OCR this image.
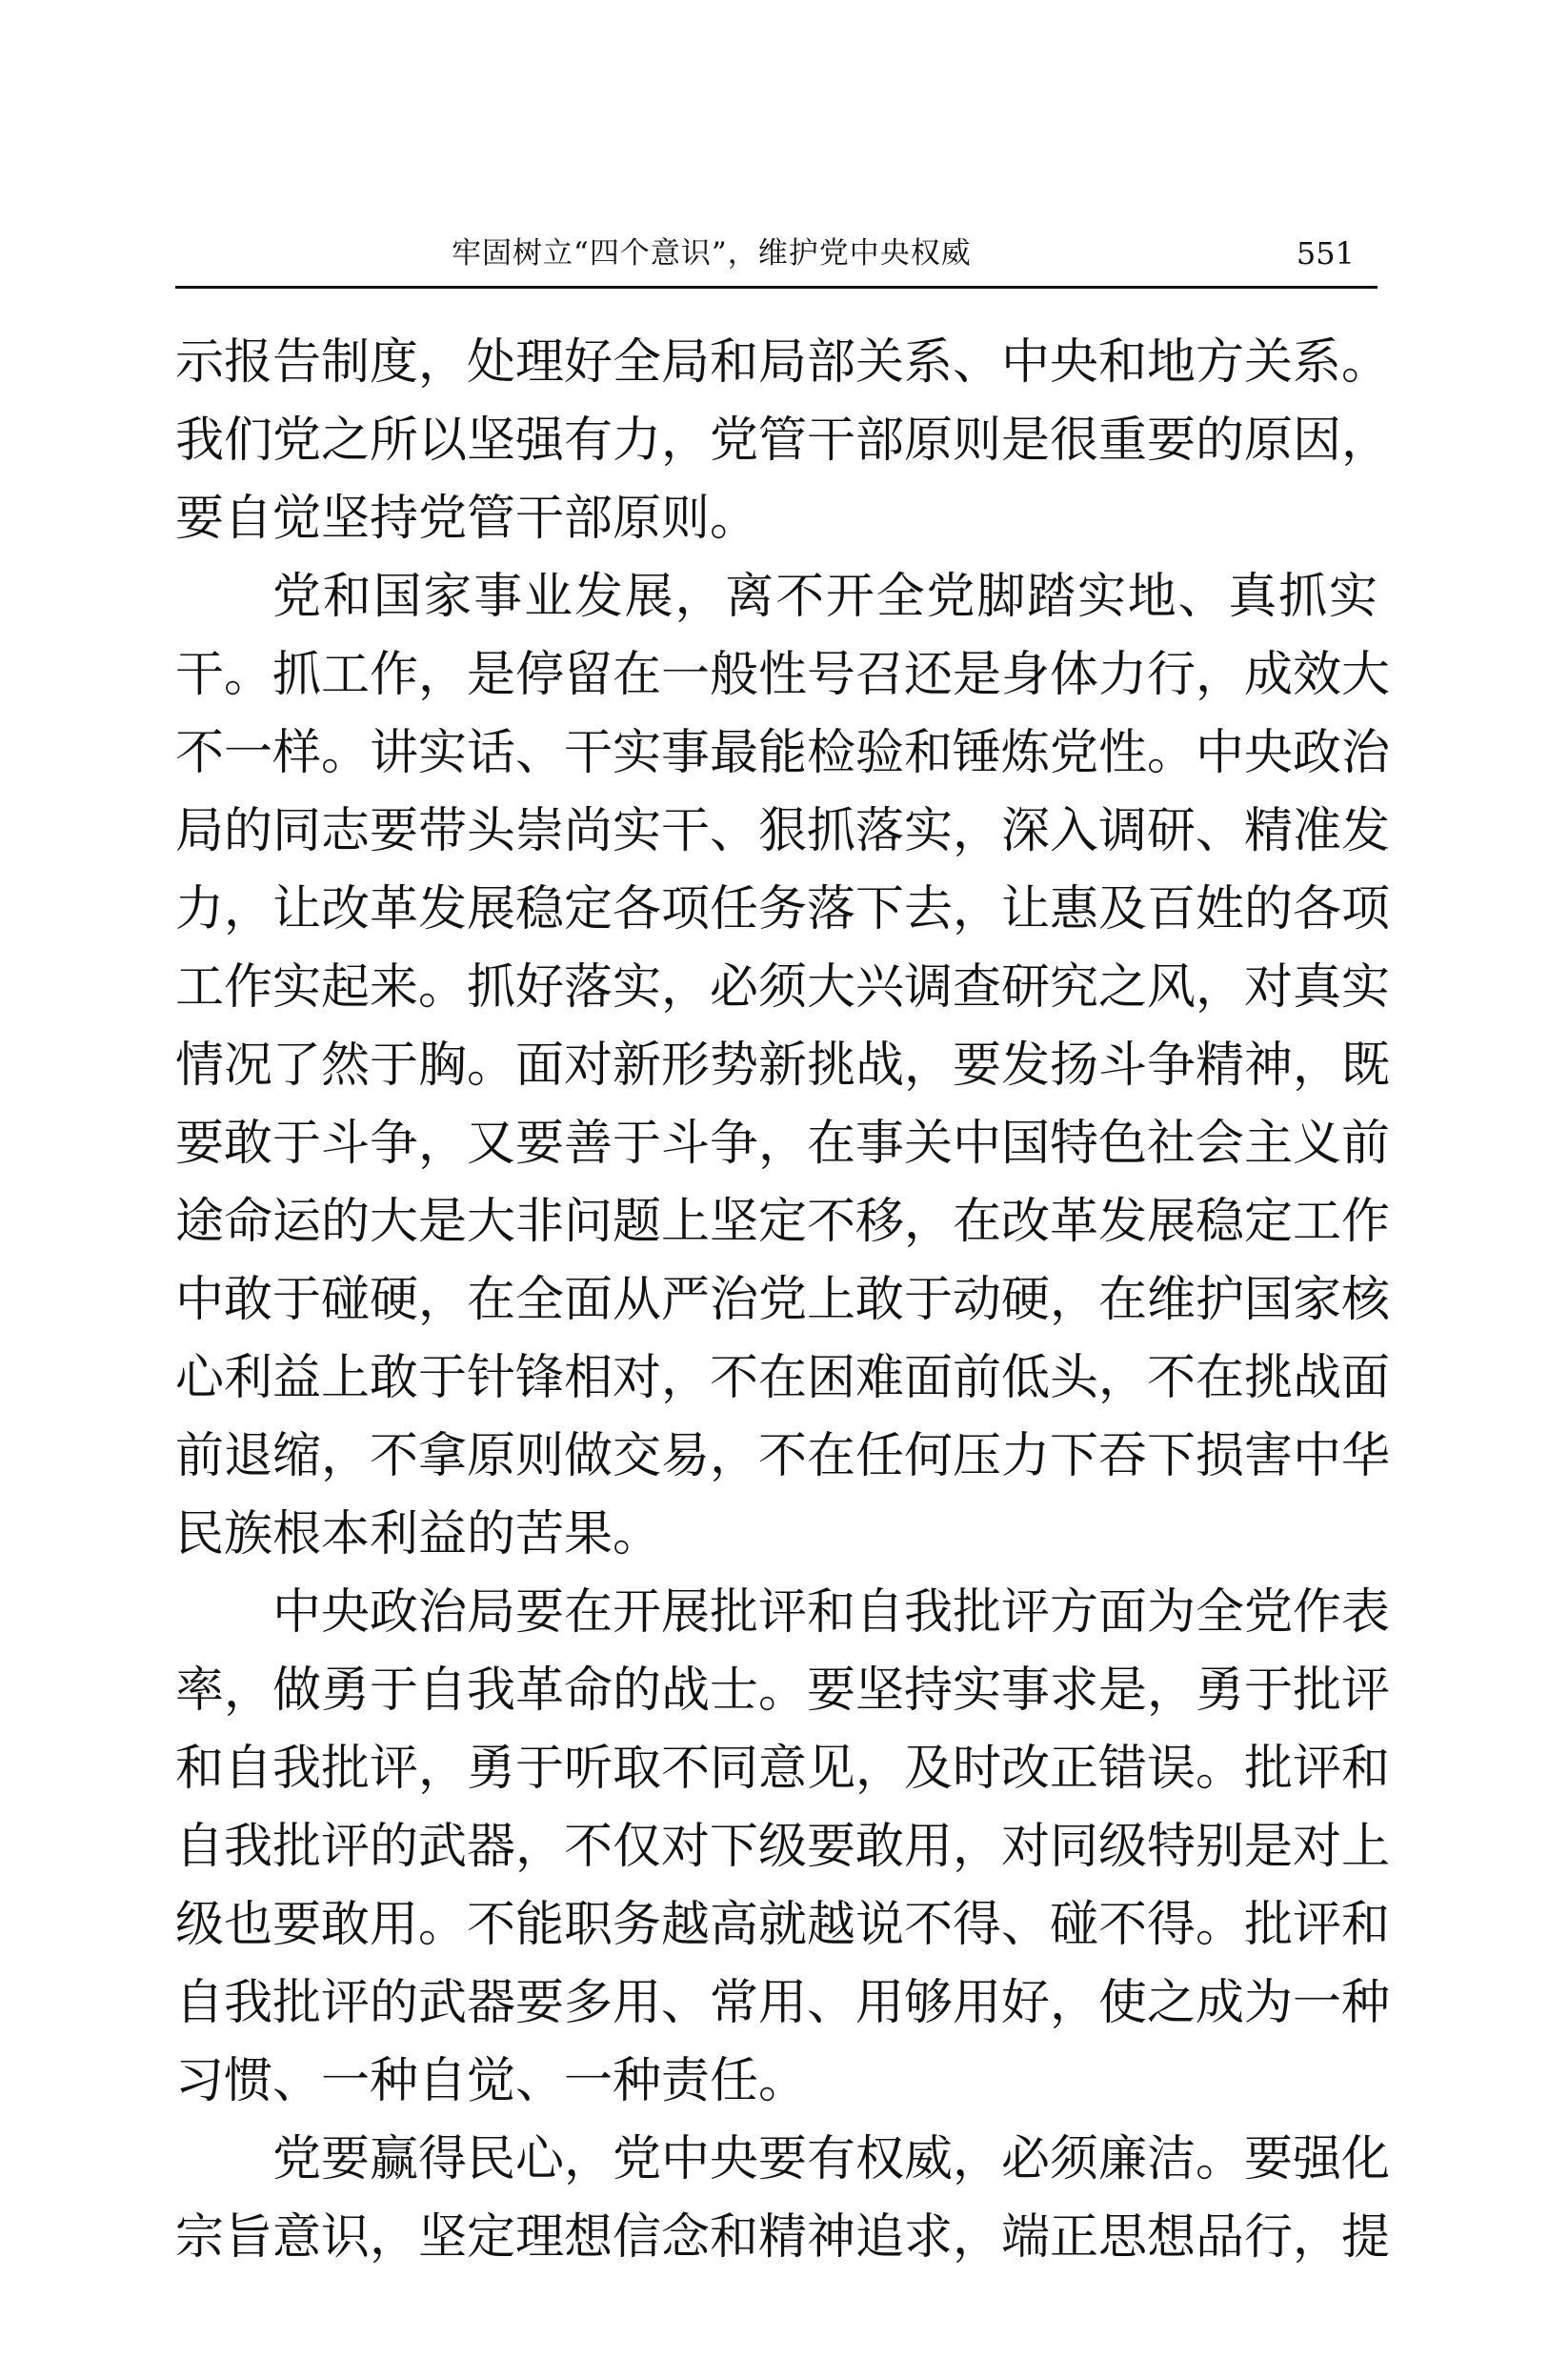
牢固树立“四个意识”，维护党中央权威	551
示报告制度，处理好全局和局部关系、中央和地方关系。
我们党之所以坚强有力，党管干部原则是很重要的原因，
要自觉坚持党管干部原则。
党和国家事业发展，离不开全党脚踏实地、真抓实
干。抓工作，是停留在一般性号召还是身体力行，成效大
不一样。讲实话、干实事最能检验和锤炼党性。中央政治
局的同志要带头崇尚实干、狠抓落实，深入调研、精准发
力，让改革发展稳定各项任务落下去，让惠及百姓的各项
工作实起来。抓好落实，必须大兴调查研究之风，对真实
情况了然于胸。面对新形势新挑战，要发扬斗争精神，既
要敢于斗争，又要善于斗争，在事关中国特色社会主义前
途命运的大是大非问题上坚定不移，在改革发展稳定工作
中敢于碰硬，在全面从严治党上敢于动硬，在维护国家核
心利益上敢于针锋相对，不在困难面前低头，不在挑战面
前退缩，不拿原则做交易，不在任何压力下吞下损害中华
民族根本利益的苦果。
中央政治局要在开展批评和自我批评方面为全党作表
率，做勇于自我革命的战士。要坚持实事求是，勇于批评
和自我批评，勇于听取不同意见，及时改正错误。批评和
自我批评的武器，不仅对下级要敢用，对同级特别是对上
级也要敢用。不能职务越高就越说不得、碰不得。批评和
自我批评的武器要多用、常用、用够用好，使之成为一种
习惯、一种自觉、一种责任。
党要赢得民心，党中央要有权威，必须廉洁。要强化
宗旨意识，坚定理想信念和精神追求，端正思想品行，提
